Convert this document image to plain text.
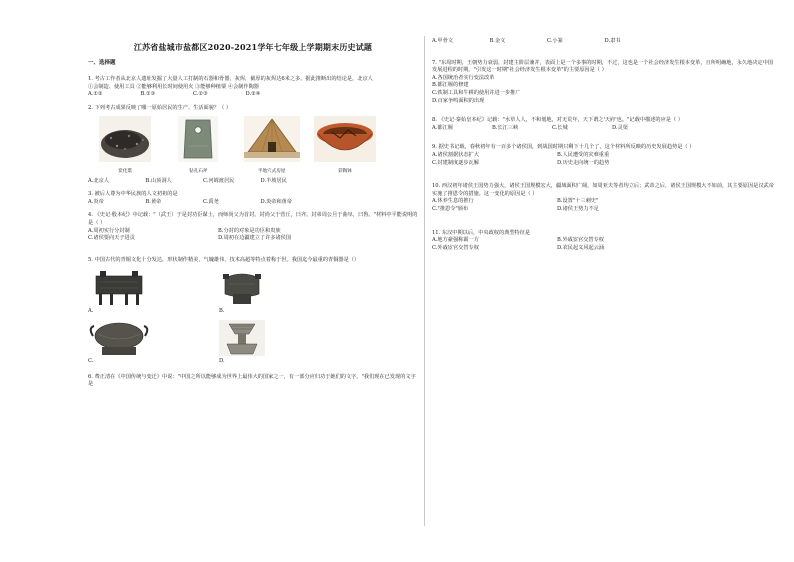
江苏省盐城市盐都区2020-2021学年七年级上学期期末历史试题
一、选择题

1. 考古工作者从北京人遗址发掘了大量人工打制的石器和骨器，灰烬，截厚的灰烬达6米之多。据此推断出的结论是，北京人

①会制造、使用工具 ②能够利用长时间使用火 ③能够种植粟 ④会制作陶器

A.①②	B.①③	C.②③	D.②④

2. 下列考古成果反映了哪一原始居民的生产、生活面貌？（ ）

炭化粟	钻孔石斧	半地穴式房屋	彩陶钵
A.北京人	B.山顶洞人	C.河姆渡居民	D.半坡居民

3. 被后人尊为中华民族的人文初祖的是

A.炎帝	B.黄帝	C.禹尧	D.炎帝和黄帝

4. 《史记·殷本纪》中记载："（武王）于是封功臣谋士，而师尚父为首封。封尚父于营丘，曰齐。封弟周公旦于曲阜，曰鲁。"材料中平能说明的是（ ）

A.周初实行分封制	B.分封的对象是功臣和贵族
C.诸侯要向天子进贡	D.周初在边疆建立了许多诸侯国

5. 中国古代的青铜文化十分发达，形状制作精美，气魄雄伟，技术高超等特点着称于世。我国迄今最重的青铜器是（）

A.	B.
C.	D.

6. 费正清在《中国传统与变迁》中说："中国之所以能够成为世界上最伟大的国家之一，有一部分应归功于她们的文字。"我们现在已发现的文字是

A.甲骨文	B.金文	C.小篆	D.隶书

7. "东周时期，王朝势力衰弱，封建主阶层兼并，表面上是一个多事的时期，不过，这也是一个社会经济发生根本变革，且所明确地，永久地决定中国发展进程的时期。"引发这一时期"社会经济发生根本变革"的主要原因是（ ）

A.各国统治者实行变法改革
B.都江堰的修建
C.铁制工具和牛耕的使用并进一步推广
D.百家争鸣面积的出现

8. 《史记·秦始皇本纪》记载："水草人人，不和划地，对无荒年，天下谓之'天府'也。"记载中描述的应是（ ）

A.都江堰	B.长江三峡	C.长城	D.灵渠

9. 据史书记载，春秋初年有一百多个诸侯国，到战国时期只剩下十几个了，这个材料所反映的历史发展趋势是（ ）

A.诸侯割据状态扩大	B.人民遭受的灾难重重
C.封建制度逐步瓦解	D.历史走向统一的趋势

10. 西汉初年诸侯王国势力强大，诸侯王国规模宏大，疆域面积广阔，如周亚夫等者均立后；武帝之后，诸侯王国规模大不如前，其主要原因是汉武帝实施了推恩令的措施。这一变化的原因是（ ）

A.休养生息的推行	B.设置"十三刺史"
C."推恩令"颁布	D.诸侯王势力不足

11. 东汉中期以后，中央政权的典型特征是

A.地方豪强称霸一方	B.外戚宦官交替专权
C.外戚宦官交替专权	D.农民起义风起云涌
